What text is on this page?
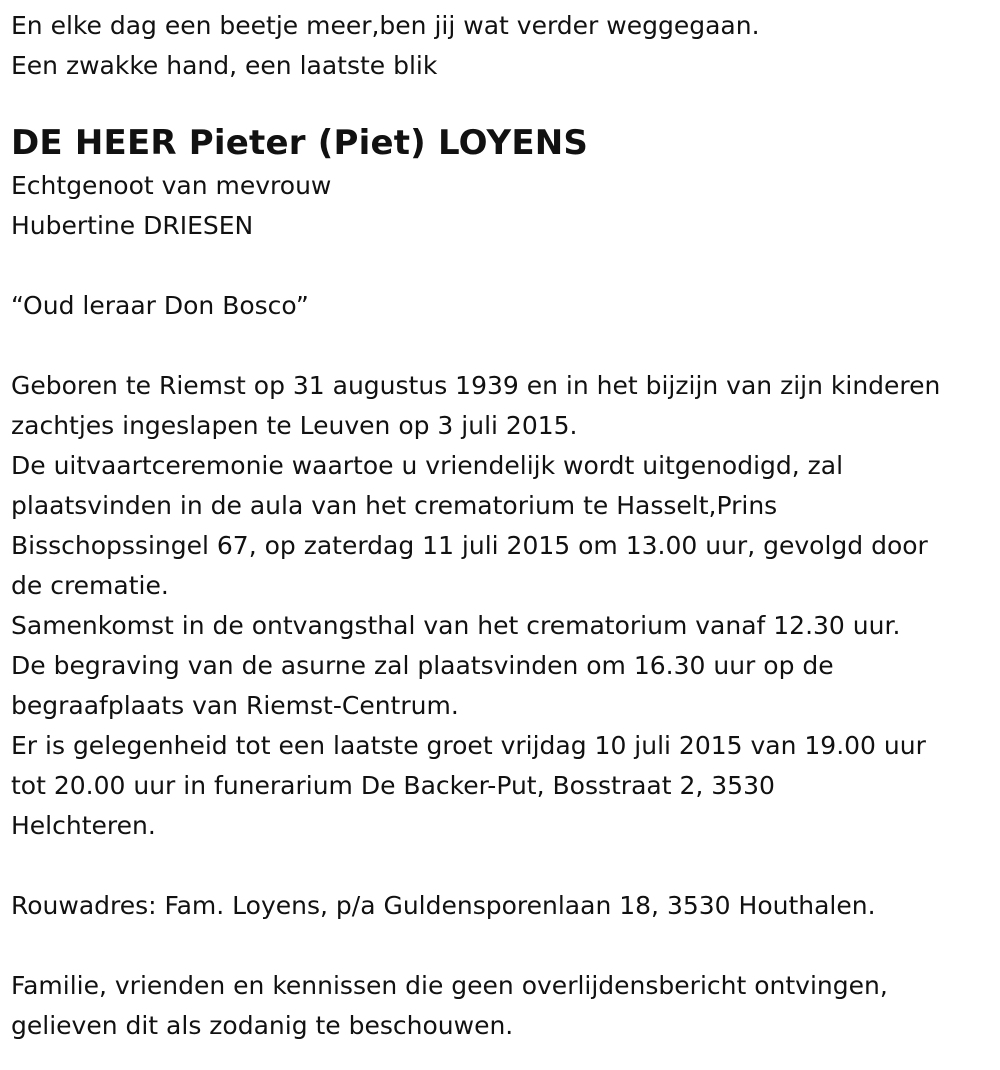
En elke dag een beetje meer,ben jij wat verder weggegaan.
Een zwakke hand, een laatste blik
DE HEER Pieter (Piet) LOYENS
Echtgenoot van mevrouw
Hubertine DRIESEN
“Oud leraar Don Bosco”
Geboren te Riemst op 31 augustus 1939 en in het bijzijn van zijn kinderen
zachtjes ingeslapen te Leuven op 3 juli 2015.
De uitvaartceremonie waartoe u vriendelijk wordt uitgenodigd, zal
plaatsvinden in de aula van het crematorium te Hasselt,Prins
Bisschopssingel 67, op zaterdag 11 juli 2015 om 13.00 uur, gevolgd door
de crematie.
Samenkomst in de ontvangsthal van het crematorium vanaf 12.30 uur.
De begraving van de asurne zal plaatsvinden om 16.30 uur op de
begraafplaats van Riemst-Centrum.
Er is gelegenheid tot een laatste groet vrijdag 10 juli 2015 van 19.00 uur
tot 20.00 uur in funerarium De Backer-Put, Bosstraat 2, 3530
Helchteren.
Rouwadres: Fam. Loyens, p/a Guldensporenlaan 18, 3530 Houthalen.
Familie, vrienden en kennissen die geen overlijdensbericht ontvingen,
gelieven dit als zodanig te beschouwen.
